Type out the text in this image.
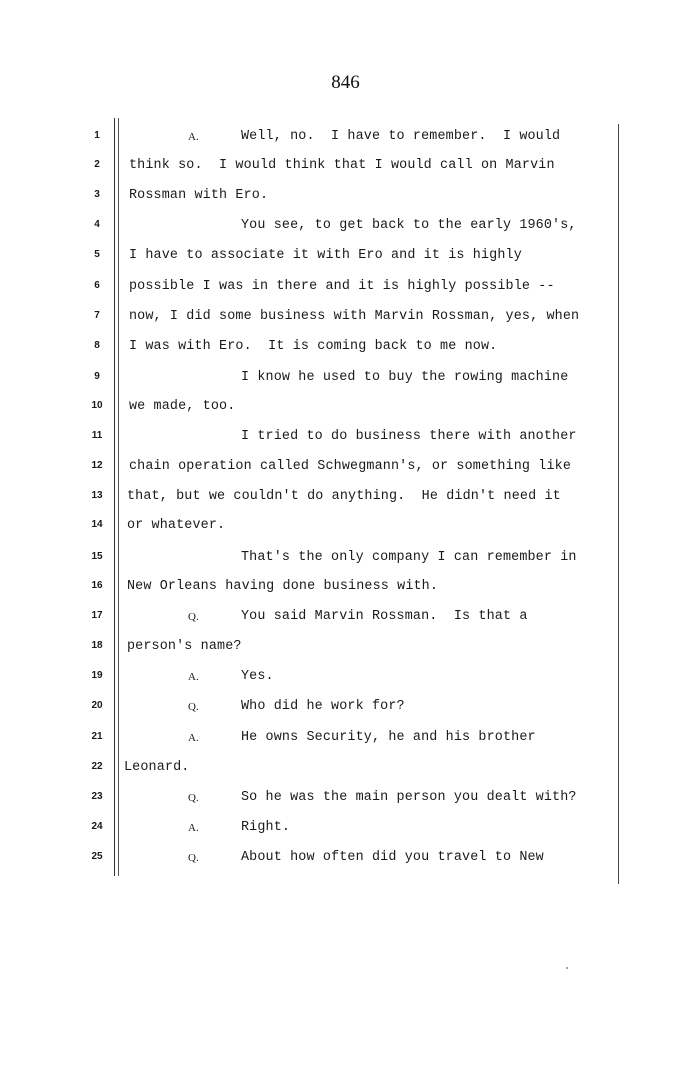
846
1	A.	Well, no.  I have to remember.  I would
2	think so.  I would think that I would call on Marvin
3	Rossman with Ero.
4	You see, to get back to the early 1960's,
5	I have to associate it with Ero and it is highly
6	possible I was in there and it is highly possible --
7	now, I did some business with Marvin Rossman, yes, when
8	I was with Ero.  It is coming back to me now.
9	I know he used to buy the rowing machine
10	we made, too.
11	I tried to do business there with another
12	chain operation called Schwegmann's, or something like
13	that, but we couldn't do anything.  He didn't need it
14	or whatever.
15	That's the only company I can remember in
16	New Orleans having done business with.
17	Q.	You said Marvin Rossman.  Is that a
18	person's name?
19	A.	Yes.
20	Q.	Who did he work for?
21	A.	He owns Security, he and his brother
22	Leonard.
23	Q.	So he was the main person you dealt with?
24	A.	Right.
25	Q.	About how often did you travel to New
